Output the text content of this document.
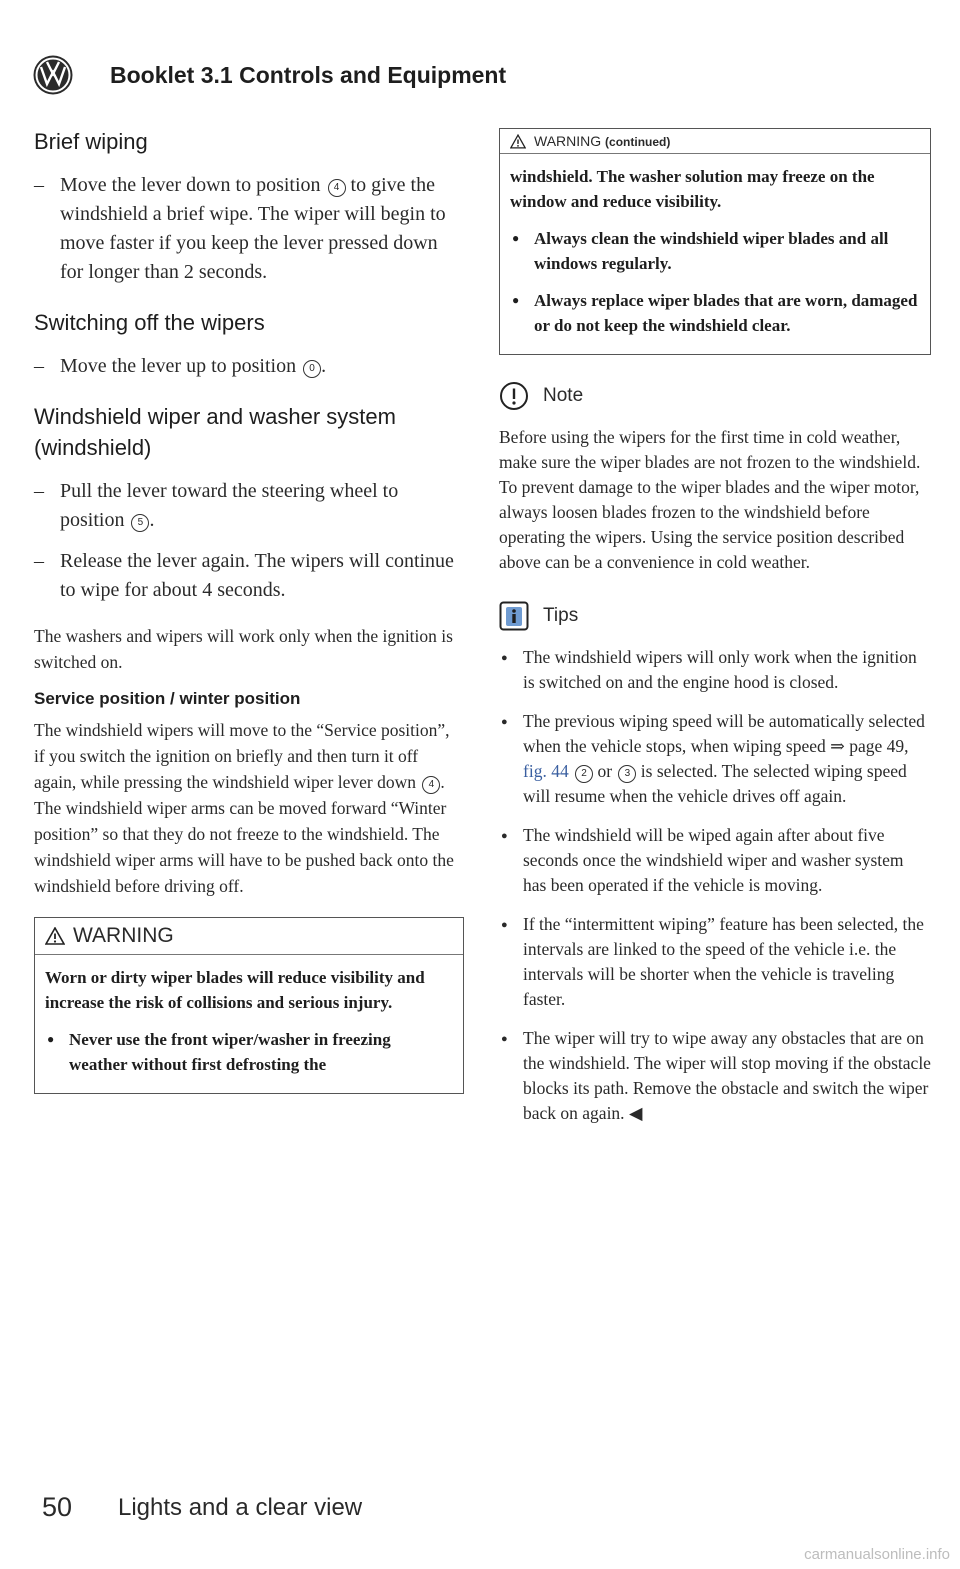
Booklet 3.1 Controls and Equipment
Brief wiping

– Move the lever down to position 4 to give the windshield a brief wipe. The wiper will begin to move faster if you keep the lever pressed down for longer than 2 seconds.

Switching off the wipers

– Move the lever up to position 0 .

Windshield wiper and washer system (windshield)

– Pull the lever toward the steering wheel to position 5 .

– Release the lever again. The wipers will continue to wipe for about 4 seconds.

The washers and wipers will work only when the ignition is switched on.

Service position / winter position

The windshield wipers will move to the “Service position”, if you switch the ignition on briefly and then turn it off again, while pressing the windshield wiper lever down 4 . The windshield wiper arms can be moved forward “Winter position” so that they do not freeze to the windshield. The windshield wiper arms will have to be pushed back onto the windshield before driving off.

WARNING

Worn or dirty wiper blades will reduce visibility and increase the risk of collisions and serious injury.

● Never use the front wiper/washer in freezing weather without first defrosting the

WARNING (continued)

windshield. The washer solution may freeze on the window and reduce visibility.

● Always clean the windshield wiper blades and all windows regularly.

● Always replace wiper blades that are worn, damaged or do not keep the windshield clear.

Note

Before using the wipers for the first time in cold weather, make sure the wiper blades are not frozen to the windshield. To prevent damage to the wiper blades and the wiper motor, always loosen blades frozen to the windshield before operating the wipers. Using the service position described above can be a convenience in cold weather.

Tips

● The windshield wipers will only work when the ignition is switched on and the engine hood is closed.

● The previous wiping speed will be automatically selected when the vehicle stops, when wiping speed ⇒ page 49, fig. 44 2 or 3 is selected. The selected wiping speed will resume when the vehicle drives off again.

● The windshield will be wiped again after about five seconds once the windshield wiper and washer system has been operated if the vehicle is moving.

● If the “intermittent wiping” feature has been selected, the intervals are linked to the speed of the vehicle i.e. the intervals will be shorter when the vehicle is traveling faster.

● The wiper will try to wipe away any obstacles that are on the windshield. The wiper will stop moving if the obstacle blocks its path. Remove the obstacle and switch the wiper back on again. ◀

50	Lights and a clear view
carmanualsonline.info
